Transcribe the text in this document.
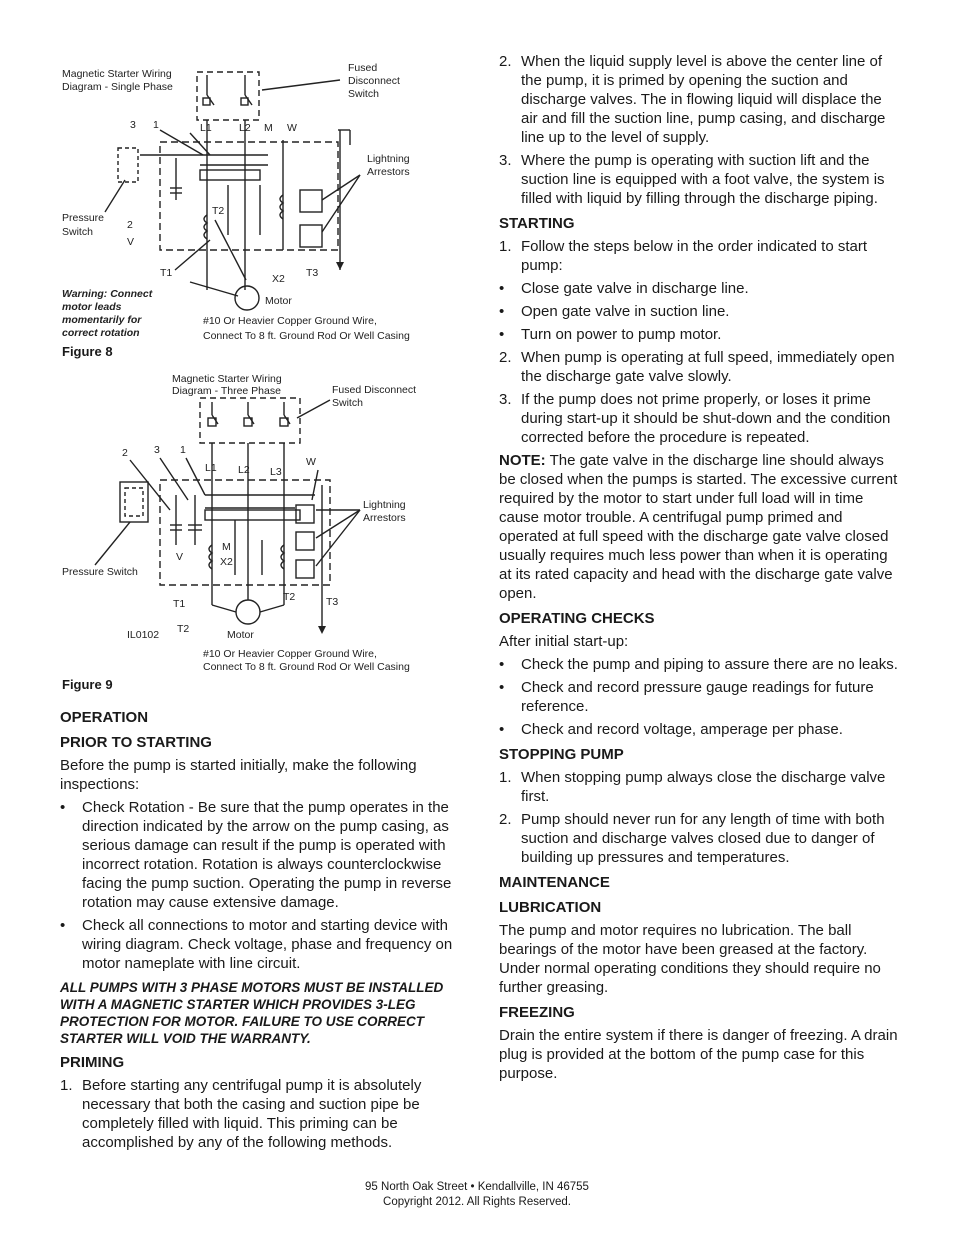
Magnetic Starter Wiring
Diagram - Single Phase
Fused
Disconnect
Switch
Lightning
Arrestors
Pressure
Switch
3 1
2
V
L1	L2 M W
T2
T1	X2 T3
Motor
Warning: Connect
motor leads
momentarily for
correct rotation
#10 Or Heavier Copper Ground Wire,
Connect To 8 ft. Ground Rod Or Well Casing
Figure 8
Magnetic Starter Wiring
Diagram - Three Phase	Fused Disconnect
Switch
Lightning
Arrestors
Pressure Switch
2 3 1
L1 L2 L3
W
V
M
X2
T1
T2	T3
IL0102 T2	Motor
#10 Or Heavier Copper Ground Wire,
Connect To 8 ft. Ground Rod Or Well Casing
Figure 9
OPERATION
PRIOR TO STARTING

Before the pump is started initially, make the following inspections:

• Check Rotation - Be sure that the pump operates in the direction indicated by the arrow on the pump casing, as serious damage can result if the pump is operated with incorrect rotation. Rotation is always counterclockwise facing the pump suction. Operating the pump in reverse rotation may cause extensive damage.
• Check all connections to motor and starting device with wiring diagram. Check voltage, phase and frequency on motor nameplate with line circuit.
ALL PUMPS WITH 3 PHASE MOTORS MUST BE INSTALLED WITH A MAGNETIC STARTER WHICH PROVIDES 3-LEG PROTECTION FOR MOTOR. FAILURE TO USE CORRECT STARTER WILL VOID THE WARRANTY.
PRIMING
1. Before starting any centrifugal pump it is absolutely necessary that both the casing and suction pipe be completely filled with liquid. This priming can be accomplished by any of the following methods.
2. When the liquid supply level is above the center line of the pump, it is primed by opening the suction and discharge valves. The in flowing liquid will displace the air and fill the suction line, pump casing, and discharge line up to the level of supply.
3. Where the pump is operating with suction lift and the suction line is equipped with a foot valve, the system is filled with liquid by filling through the discharge piping.
STARTING
1. Follow the steps below in the order indicated to start pump:
• Close gate valve in discharge line.
• Open gate valve in suction line.
• Turn on power to pump motor.
2. When pump is operating at full speed, immediately open the discharge gate valve slowly.
3. If the pump does not prime properly, or loses it prime during start-up it should be shut-down and the condition corrected before the procedure is repeated.

NOTE: The gate valve in the discharge line should always be closed when the pumps is started. The excessive current required by the motor to start under full load will in time cause motor trouble. A centrifugal pump primed and operated at full speed with the discharge gate valve closed usually requires much less power than when it is operating at its rated capacity and head with the discharge gate valve open.

OPERATING CHECKS

After initial start-up:

• Check the pump and piping to assure there are no leaks.
• Check and record pressure gauge readings for future reference.
• Check and record voltage, amperage per phase.
STOPPING PUMP
1. When stopping pump always close the discharge valve first.
2. Pump should never run for any length of time with both suction and discharge valves closed due to danger of building up pressures and temperatures.
MAINTENANCE
LUBRICATION

The pump and motor requires no lubrication. The ball bearings of the motor have been greased at the factory. Under normal operating conditions they should require no further greasing.

FREEZING

Drain the entire system if there is danger of freezing. A drain plug is provided at the bottom of the pump case for this purpose.

95 North Oak Street • Kendallville, IN 46755
Copyright 2012. All Rights Reserved.
